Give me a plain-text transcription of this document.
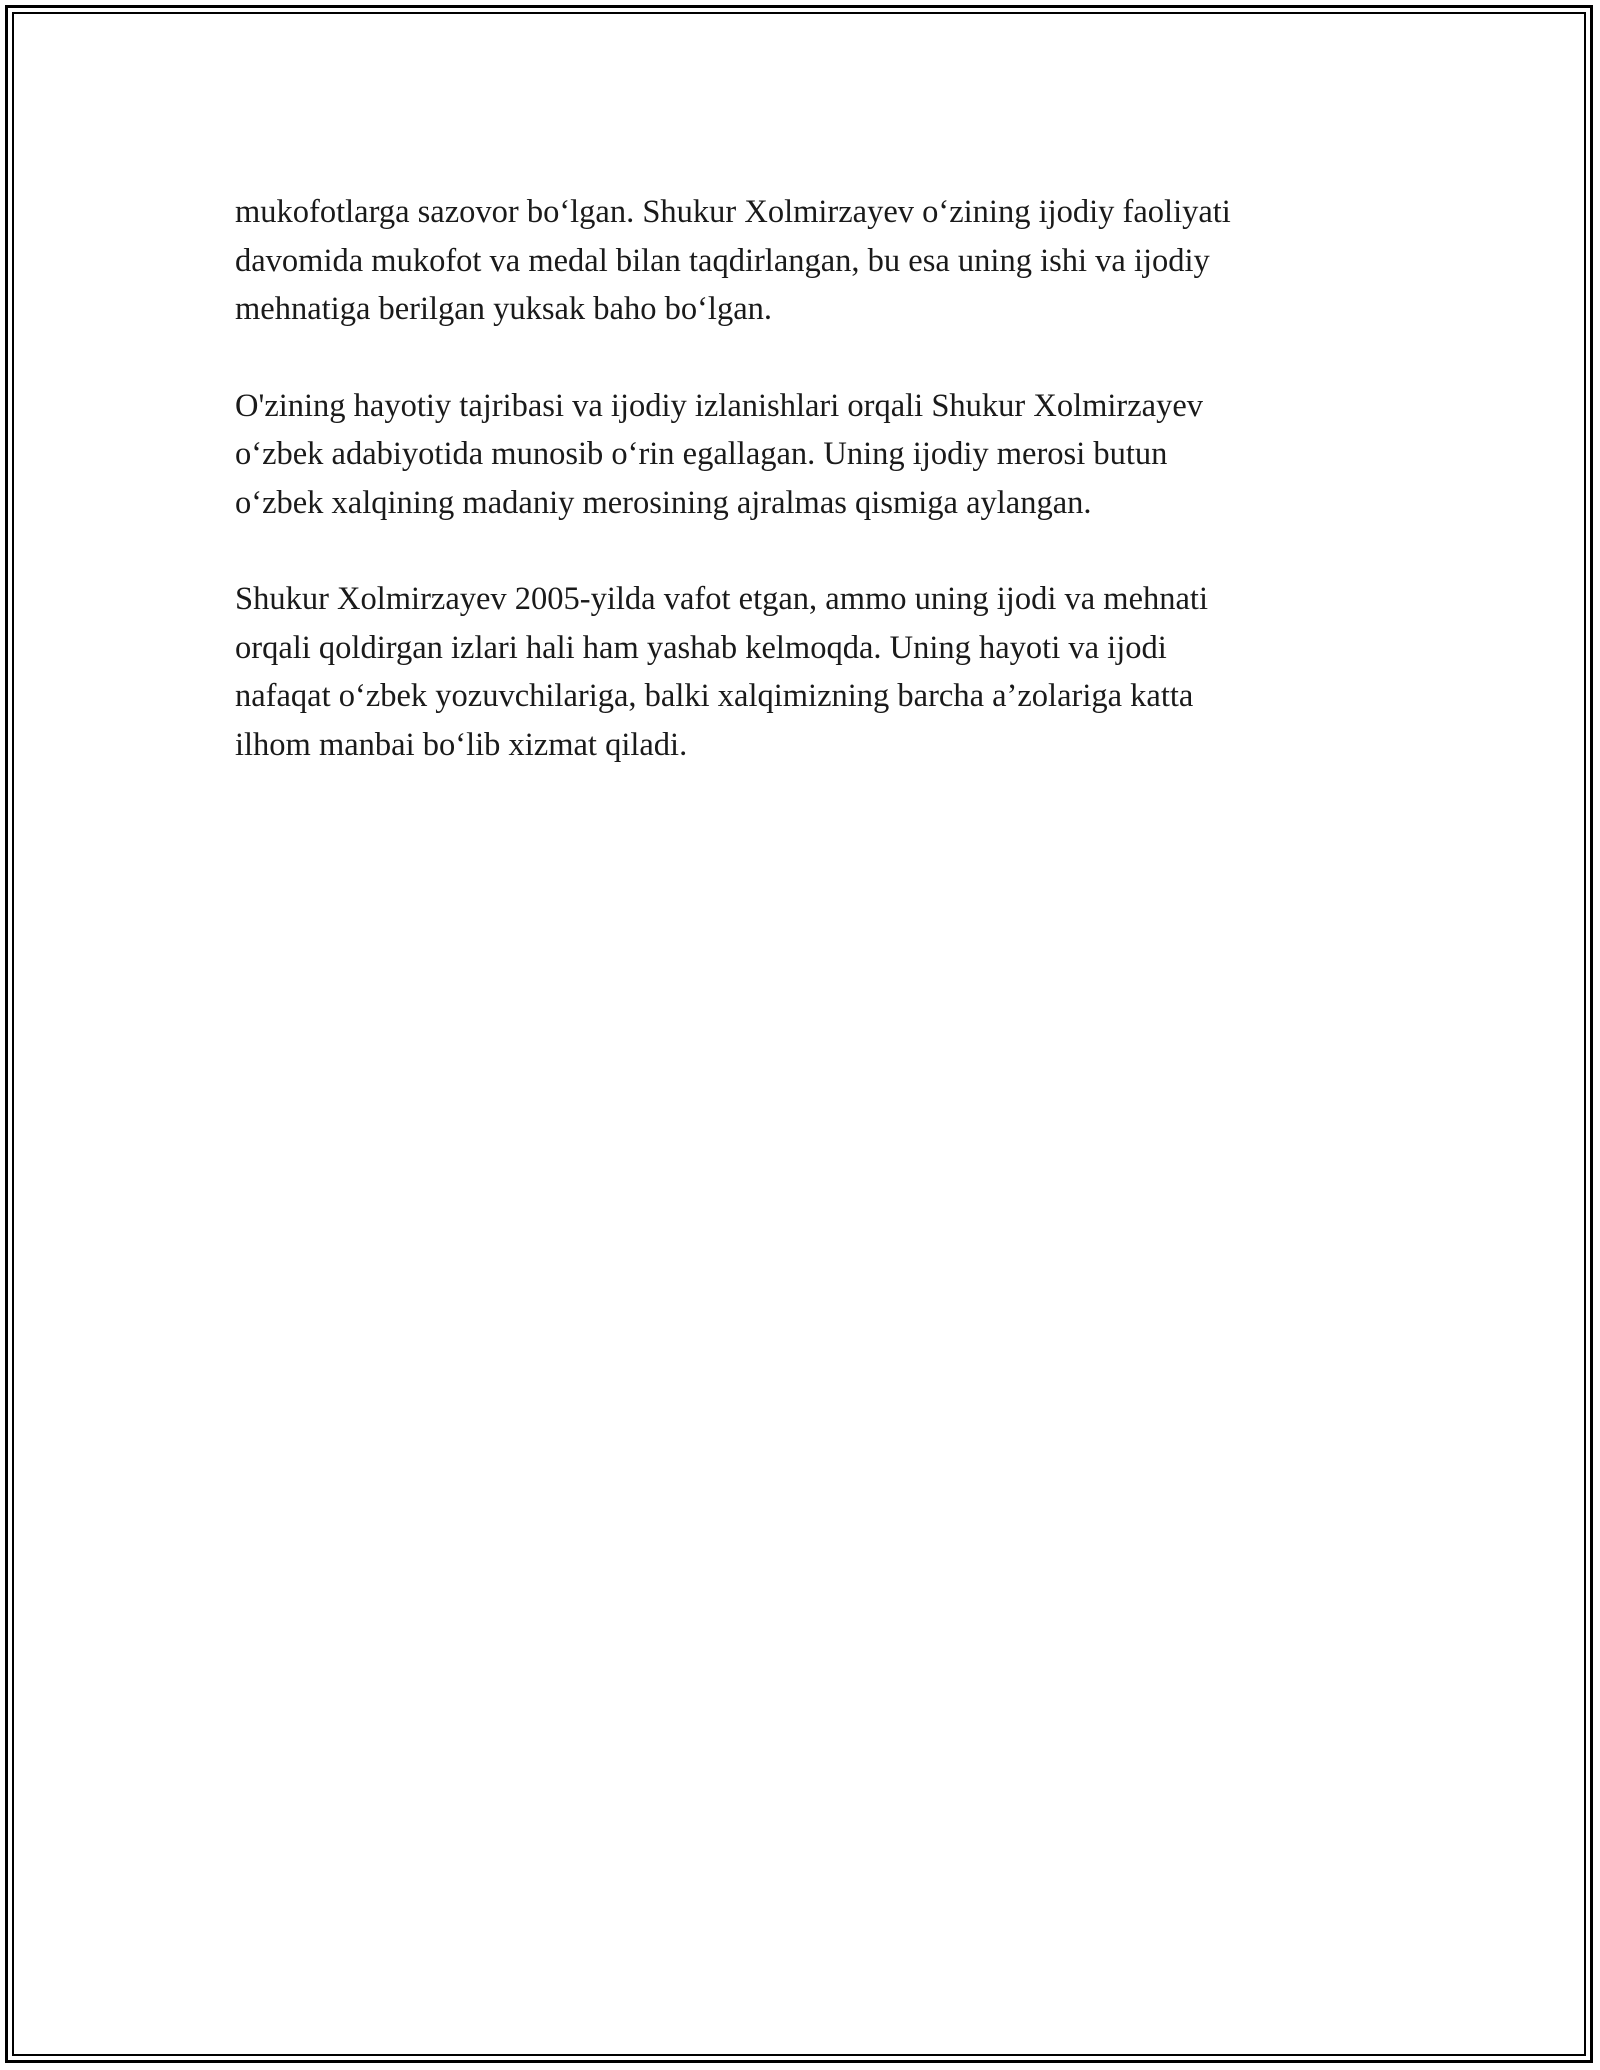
mukofotlarga sazovor bo‘lgan. Shukur Xolmirzayev o‘zining ijodiy faoliyati
davomida mukofot va medal bilan taqdirlangan, bu esa uning ishi va ijodiy
mehnatiga berilgan yuksak baho bo‘lgan.

O'zining hayotiy tajribasi va ijodiy izlanishlari orqali Shukur Xolmirzayev
o‘zbek adabiyotida munosib o‘rin egallagan. Uning ijodiy merosi butun
o‘zbek xalqining madaniy merosining ajralmas qismiga aylangan.

Shukur Xolmirzayev 2005-yilda vafot etgan, ammo uning ijodi va mehnati
orqali qoldirgan izlari hali ham yashab kelmoqda. Uning hayoti va ijodi
nafaqat o‘zbek yozuvchilariga, balki xalqimizning barcha a’zolariga katta
ilhom manbai bo‘lib xizmat qiladi.
